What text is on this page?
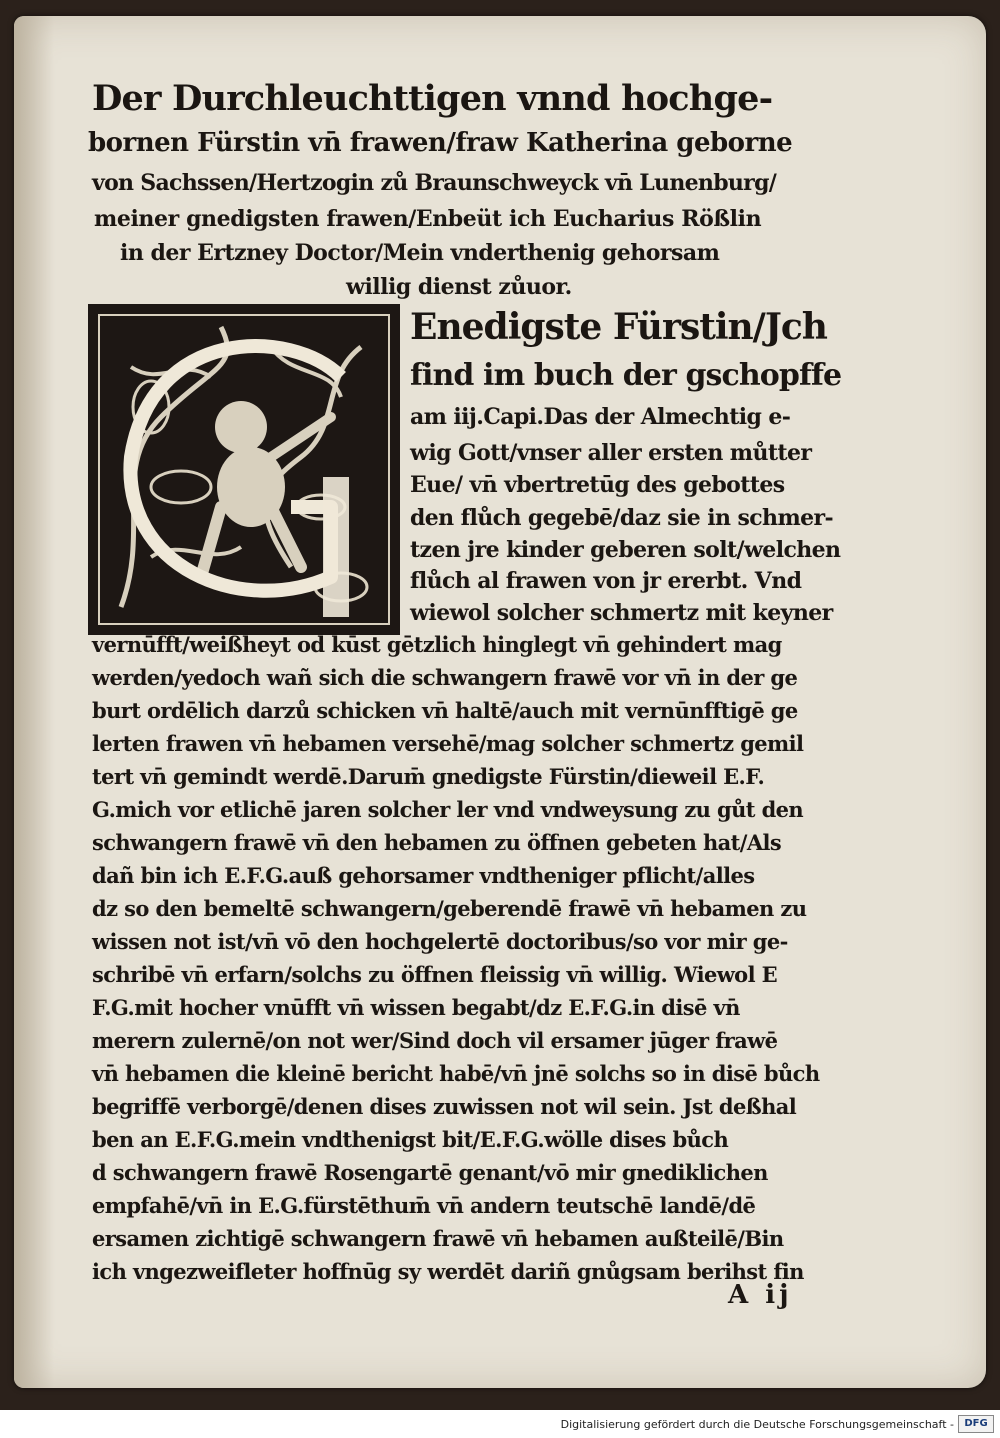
Der Durchleuchttigen vnnd hochge-
bornen Fürstin vn̄ frawen/fraw Katherina geborne
von Sachssen/Hertzogin zů Braunschweyck vn̄ Lunenburg/
meiner gnedigsten frawen/Enbeüt ich Eucharius Rößlin
in der Ertzney Doctor/Mein vnderthenig gehorsam
willig dienst zůuor.
Enedigste Fürstin/Jch
find im buch der gschopffe
am iij.Capi.Das der Almechtig e-
wig Gott/vnser aller ersten můtter
Eue/ vn̄ vbertretūg des gebottes
den flůch gegebē/daz sie in schmer-
tzen jre kinder geberen solt/welchen
flůch al frawen von jr ererbt. Vnd
wiewol solcher schmertz mit keyner
vernūfft/weißheyt od kūst gētzlich hinglegt vn̄ gehindert mag
werden/yedoch wañ sich die schwangern frawē vor vn̄ in der ge
burt ordēlich darzů schicken vn̄ haltē/auch mit vernūnfftigē ge
lerten frawen vn̄ hebamen versehē/mag solcher schmertz gemil
tert vn̄ gemindt werdē.Darum̄ gnedigste Fürstin/dieweil E.F.
G.mich vor etlichē jaren solcher ler vnd vndweysung zu gůt den
schwangern frawē vn̄ den hebamen zu öffnen gebeten hat/Als
dañ bin ich E.F.G.auß gehorsamer vndtheniger pflicht/alles
dz so den bemeltē schwangern/geberendē frawē vn̄ hebamen zu
wissen not ist/vn̄ vō den hochgelertē doctoribus/so vor mir ge-
schribē vn̄ erfarn/solchs zu öffnen fleissig vn̄ willig. Wiewol E
F.G.mit hocher vnūfft vn̄ wissen begabt/dz E.F.G.in disē vn̄
merern zulernē/on not wer/Sind doch vil ersamer jūger frawē
vn̄ hebamen die kleinē bericht habē/vn̄ jnē solchs so in disē bůch
begriffē verborgē/denen dises zuwissen not wil sein. Jst deßhal
ben an E.F.G.mein vndthenigst bit/E.F.G.wölle dises bůch
d schwangern frawē Rosengartē genant/vō mir gnediklichen
empfahē/vn̄ in E.G.fürstēthum̄ vn̄ andern teutschē landē/dē
ersamen zichtigē schwangern frawē vn̄ hebamen außteilē/Bin
ich vngezweifleter hoffnūg sy werdēt dariñ gnůgsam berihst fin
A ij
Digitalisierung gefördert durch die Deutsche Forschungsgemeinschaft -	DFG
